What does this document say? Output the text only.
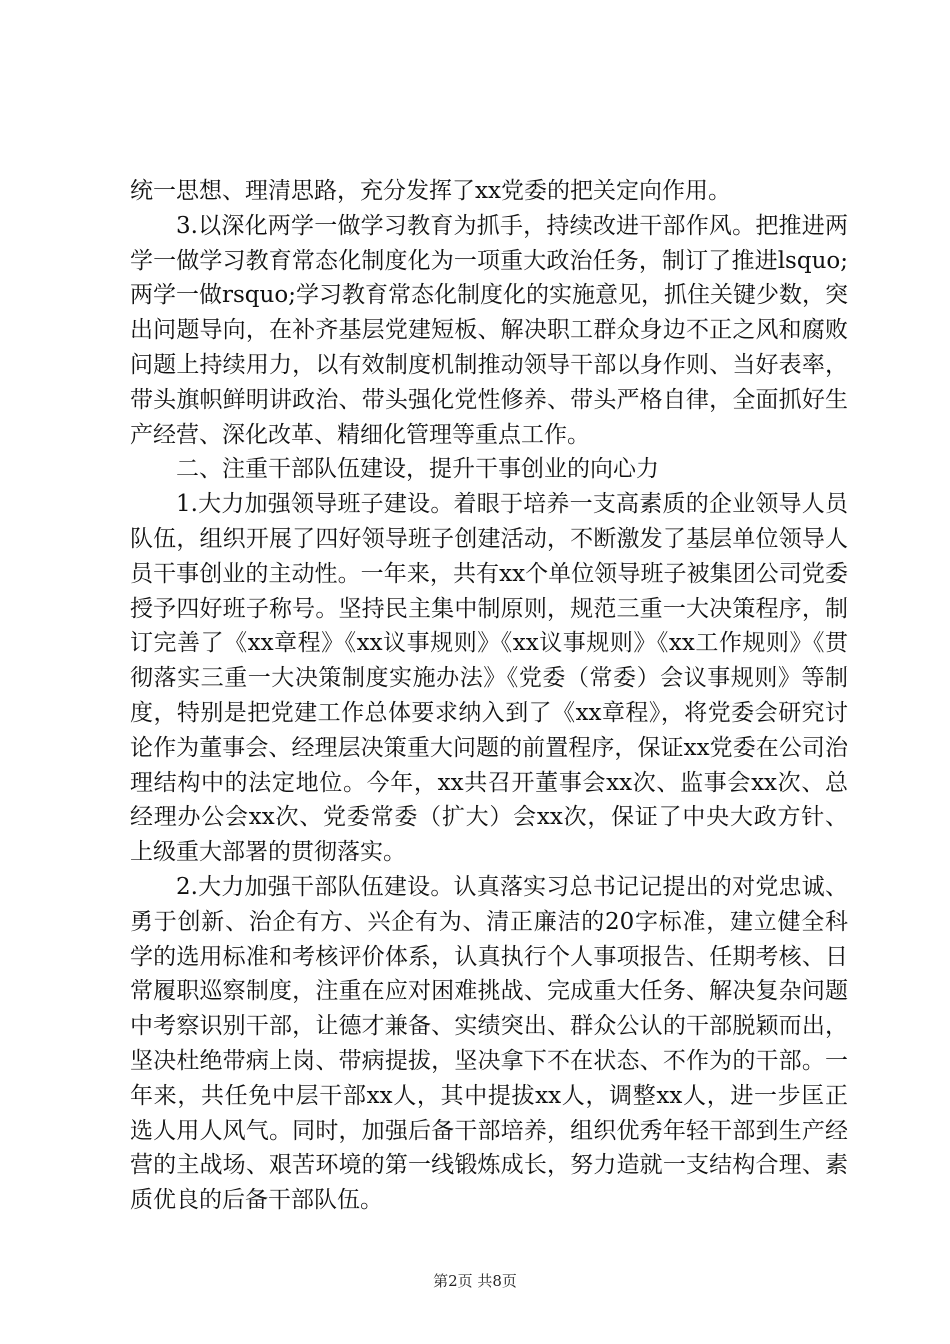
统一思想、理清思路，充分发挥了xx党委的把关定向作用。

3.以深化两学一做学习教育为抓手，持续改进干部作风。把推进两学一做学习教育常态化制度化为一项重大政治任务，制订了推进lsquo;两学一做rsquo;学习教育常态化制度化的实施意见，抓住关键少数，突出问题导向，在补齐基层党建短板、解决职工群众身边不正之风和腐败问题上持续用力，以有效制度机制推动领导干部以身作则、当好表率，带头旗帜鲜明讲政治、带头强化党性修养、带头严格自律，全面抓好生产经营、深化改革、精细化管理等重点工作。

二、注重干部队伍建设，提升干事创业的向心力

1.大力加强领导班子建设。着眼于培养一支高素质的企业领导人员队伍，组织开展了四好领导班子创建活动，不断激发了基层单位领导人员干事创业的主动性。一年来，共有xx个单位领导班子被集团公司党委授予四好班子称号。坚持民主集中制原则，规范三重一大决策程序，制订完善了《xx章程》《xx议事规则》《xx议事规则》《xx工作规则》《贯彻落实三重一大决策制度实施办法》《党委（常委）会议事规则》等制度，特别是把党建工作总体要求纳入到了《xx章程》，将党委会研究讨论作为董事会、经理层决策重大问题的前置程序，保证xx党委在公司治理结构中的法定地位。今年，xx共召开董事会xx次、监事会xx次、总经理办公会xx次、党委常委（扩大）会xx次，保证了中央大政方针、上级重大部署的贯彻落实。

2.大力加强干部队伍建设。认真落实习总书记记提出的对党忠诚、勇于创新、治企有方、兴企有为、清正廉洁的20字标准，建立健全科学的选用标准和考核评价体系，认真执行个人事项报告、任期考核、日常履职巡察制度，注重在应对困难挑战、完成重大任务、解决复杂问题中考察识别干部，让德才兼备、实绩突出、群众公认的干部脱颖而出，坚决杜绝带病上岗、带病提拔，坚决拿下不在状态、不作为的干部。一年来，共任免中层干部xx人，其中提拔xx人，调整xx人，进一步匡正选人用人风气。同时，加强后备干部培养，组织优秀年轻干部到生产经营的主战场、艰苦环境的第一线锻炼成长，努力造就一支结构合理、素质优良的后备干部队伍。

第2页 共8页
